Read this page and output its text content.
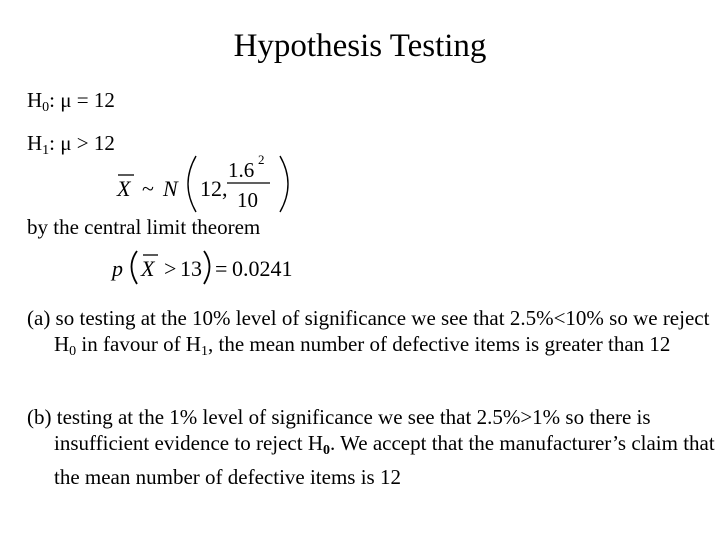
Hypothesis Testing
$H_0$: μ = 12
$H_1$: μ > 12
X ~ N 12,
1.6 2
10
by the central limit theorem
p X > 13 = 0.0241
(a) so testing at the 10% level of significance we see that 2.5%<10% so we reject $H_0$ in favour of $H_1$, the mean number of defective items is greater than 12
(b) testing at the 1% level of significance we see that 2.5%>1% so there is insufficient evidence to reject $H_0$. We accept that the manufacturer’s claim that the mean number of defective items is 12
